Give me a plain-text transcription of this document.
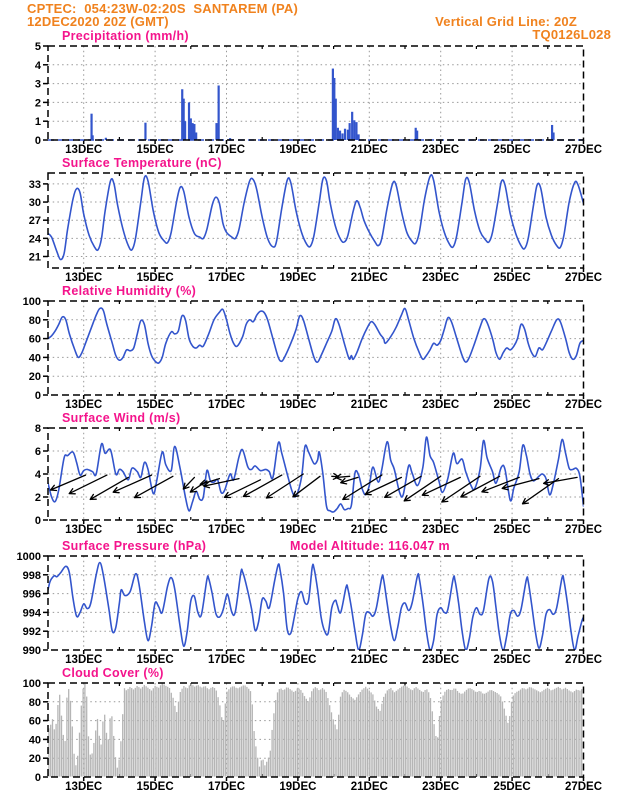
CPTEC:  054:23W-02:20S  SANTAREM (PA)
12DEC2020 20Z (GMT)	Vertical Grid Line: 20Z
TQ0126L028
0
1
2
3
4
5
13DEC	15DEC	17DEC	19DEC	21DEC	23DEC	25DEC	27DEC
Precipitation (mm/h)
21
24
27
30
33
13DEC	15DEC	17DEC	19DEC	21DEC	23DEC	25DEC	27DEC
Surface Temperature (nC)
0
20
40
60
80
100
13DEC	15DEC	17DEC	19DEC	21DEC	23DEC	25DEC	27DEC
Relative Humidity (%)
0
2
4
6
8
13DEC	15DEC	17DEC	19DEC	21DEC	23DEC	25DEC	27DEC
Surface Wind (m/s)
990
992
994
996
998
1000
13DEC	15DEC	17DEC	19DEC	21DEC	23DEC	25DEC	27DEC
Surface Pressure (hPa)	Model Altitude: 116.047 m
0
20
40
60
80
100
13DEC	15DEC	17DEC	19DEC	21DEC	23DEC	25DEC	27DEC
Cloud Cover (%)
